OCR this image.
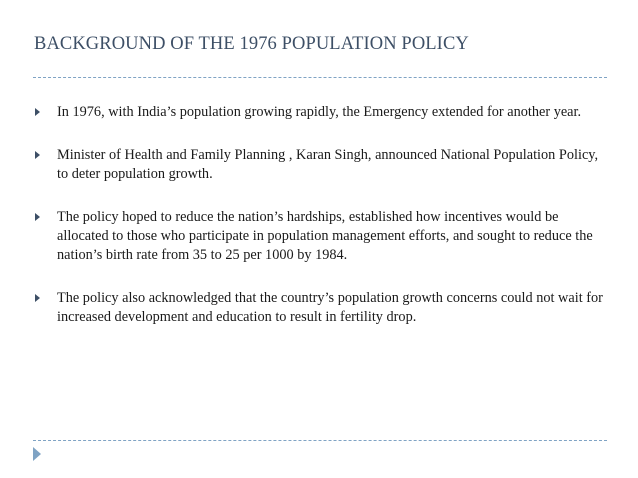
BACKGROUND OF THE 1976 POPULATION POLICY
In 1976, with India’s population growing rapidly, the Emergency extended for another year.
Minister of Health and Family Planning , Karan Singh, announced National Population Policy, to deter population growth.
The policy hoped to reduce the nation’s hardships, established how incentives would be allocated to those who participate in population management efforts, and sought to reduce the nation’s birth rate from 35 to 25 per 1000 by 1984.
The policy also acknowledged that the country’s population growth concerns could not wait for increased development and education to result in fertility drop.
